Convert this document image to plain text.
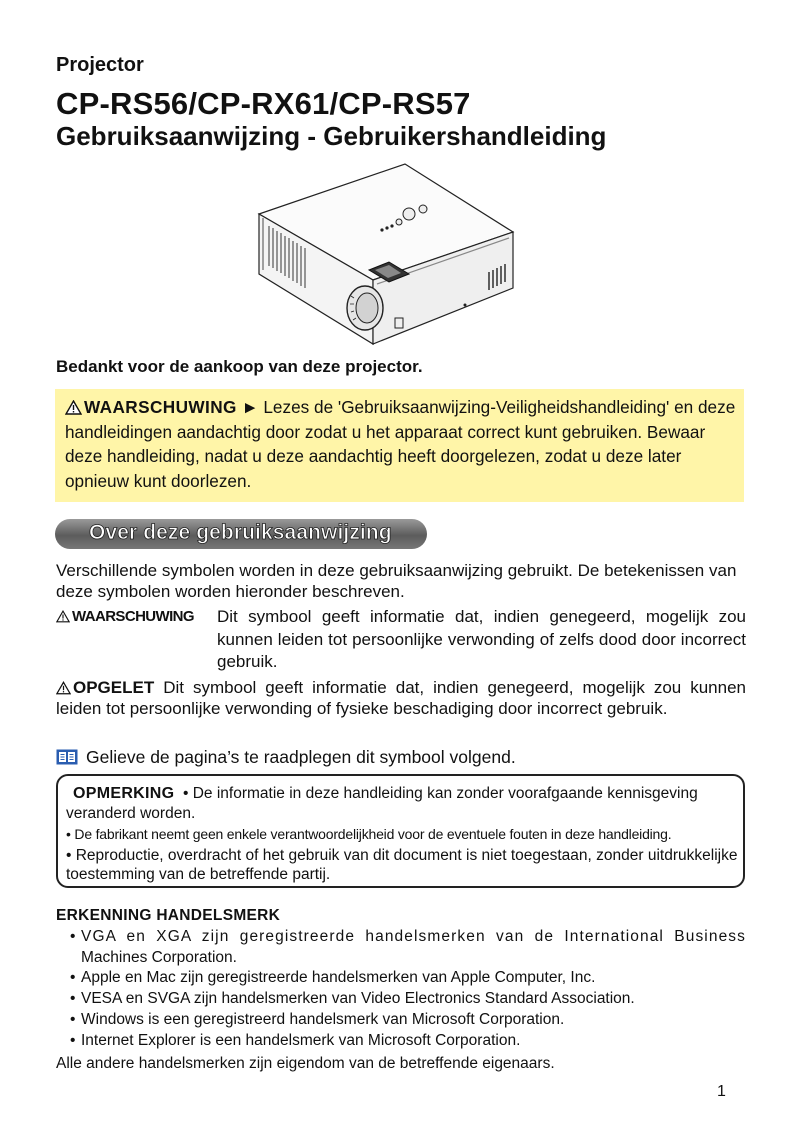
Projector
CP-RS56/CP-RX61/CP-RS57
Gebruiksaanwijzing - Gebruikershandleiding
Bedankt voor de aankoop van deze projector.
WAARSCHUWING ► Lezes de 'Gebruiksaanwijzing-Veiligheidshandleiding' en deze handleidingen aandachtig door zodat u het apparaat correct kunt gebruiken. Bewaar deze handleiding, nadat u deze aandachtig heeft doorgelezen, zodat u deze later opnieuw kunt doorlezen.
Over deze gebruiksaanwijzing
Verschillende symbolen worden in deze gebruiksaanwijzing gebruikt. De betekenissen van deze symbolen worden hieronder beschreven.
WAARSCHUWING Dit symbool geeft informatie dat, indien genegeerd, mogelijk zou kunnen leiden tot persoonlijke verwonding of zelfs dood door incorrect gebruik.
OPGELET Dit symbool geeft informatie dat, indien genegeerd, mogelijk zou kunnen leiden tot persoonlijke verwonding of fysieke beschadiging door incorrect gebruik.
Gelieve de pagina’s te raadplegen dit symbool volgend.
OPMERKING  • De informatie in deze handleiding kan zonder voorafgaande kennisgeving veranderd worden.
• De fabrikant neemt geen enkele verantwoordelijkheid voor de eventuele fouten in deze handleiding.
• Reproductie, overdracht of het gebruik van dit document is niet toegestaan, zonder uitdrukkelijke toestemming van de betreffende partij.
ERKENNING HANDELSMERK
• VGA en XGA zijn geregistreerde handelsmerken van de International Business
Machines Corporation.
• Apple en Mac zijn geregistreerde handelsmerken van Apple Computer, Inc.
• VESA en SVGA zijn handelsmerken van Video Electronics Standard Association.
• Windows is een geregistreerd handelsmerk van Microsoft Corporation.
• Internet Explorer is een handelsmerk van Microsoft Corporation.
Alle andere handelsmerken zijn eigendom van de betreffende eigenaars.
1
